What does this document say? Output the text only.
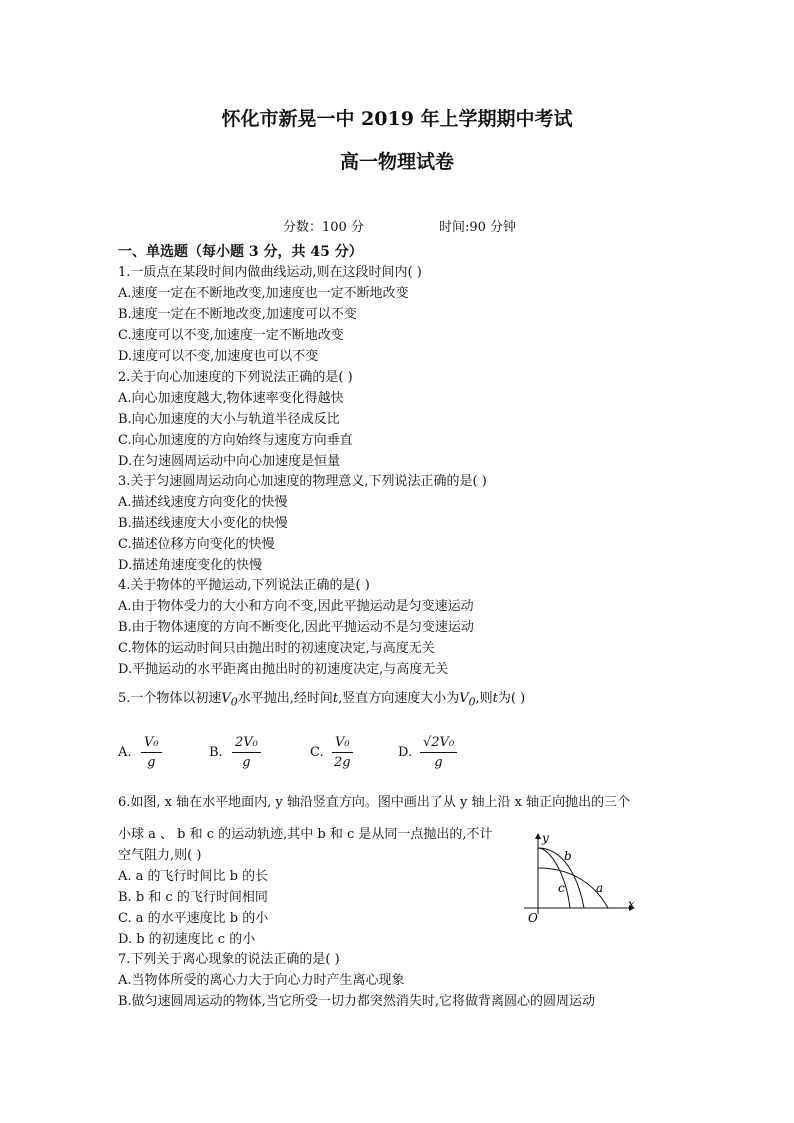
怀化市新晃一中 2019 年上学期期中考试
高一物理试卷
分数：100 分	时间:90 分钟
一、单选题（每小题 3 分，共 45 分）
1.一质点在某段时间内做曲线运动,则在这段时间内( )
A.速度一定在不断地改变,加速度也一定不断地改变
B.速度一定在不断地改变,加速度可以不变
C.速度可以不变,加速度一定不断地改变
D.速度可以不变,加速度也可以不变
2.关于向心加速度的下列说法正确的是( )
A.向心加速度越大,物体速率变化得越快
B.向心加速度的大小与轨道半径成反比
C.向心加速度的方向始终与速度方向垂直
D.在匀速圆周运动中向心加速度是恒量
3.关于匀速圆周运动向心加速度的物理意义,下列说法正确的是( )
A.描述线速度方向变化的快慢
B.描述线速度大小变化的快慢
C.描述位移方向变化的快慢
D.描述角速度变化的快慢
4.关于物体的平抛运动,下列说法正确的是( )
A.由于物体受力的大小和方向不变,因此平抛运动是匀变速运动
B.由于物体速度的方向不断变化,因此平抛运动不是匀变速运动
C.物体的运动时间只由抛出时的初速度决定,与高度无关
D.平抛运动的水平距离由抛出时的初速度决定,与高度无关
5.一个物体以初速$V_0$水平抛出,经时间t,竖直方向速度大小为$V_0$,则t为( )
A. $\frac{\text{V₀}}{g}$	B. $\frac{\text{2V₀}}{g}$	C. $\frac{\text{V₀}}{2g}$	D. $\frac{\text{√2V₀}}{g}$
6.如图, x 轴在水平地面内, y 轴沿竖直方向。图中画出了从 y 轴上沿 x 轴正向抛出的三个
小球 a 、 b 和 c 的运动轨迹,其中 b 和 c 是从同一点抛出的,不计
空气阻力,则( )
A. a 的飞行时间比 b 的长
B. b 和 c 的飞行时间相同
C. a 的水平速度比 b 的小
D. b 的初速度比 c 的小
y
x
O
b
c	a
7.下列关于离心现象的说法正确的是( )
A.当物体所受的离心力大于向心力时产生离心现象
B.做匀速圆周运动的物体,当它所受一切力都突然消失时,它将做背离圆心的圆周运动
